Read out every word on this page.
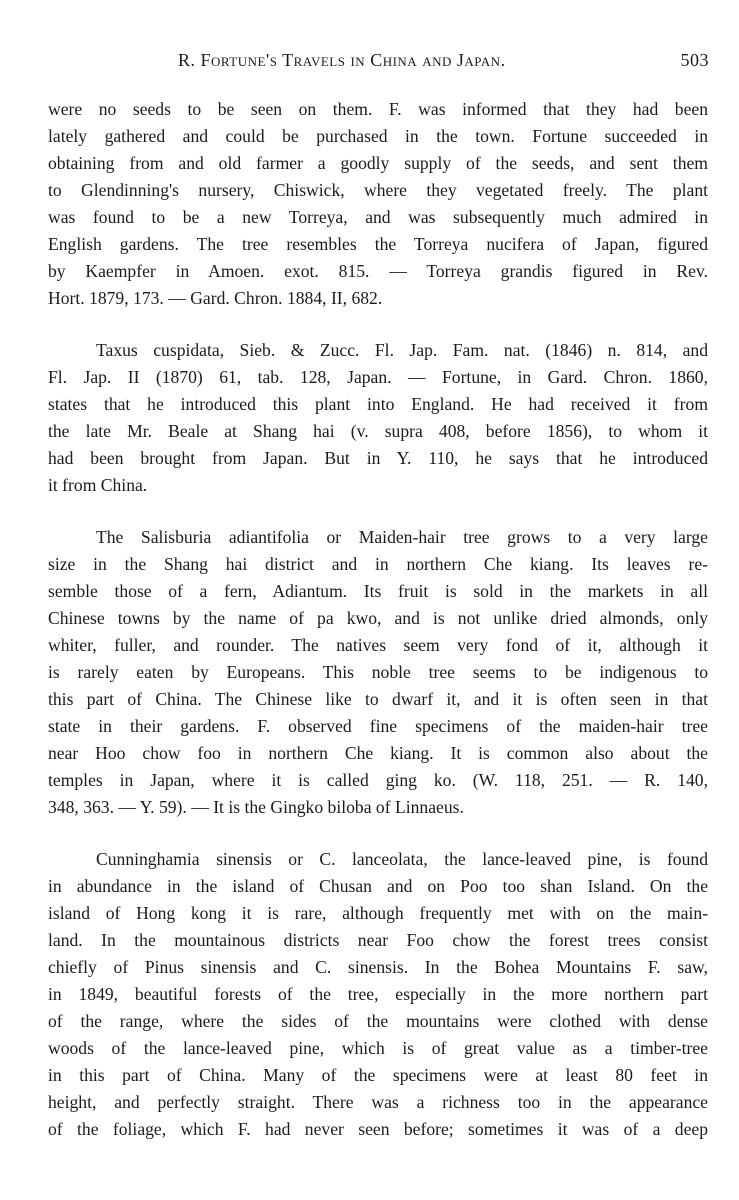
R. Fortune's Travels in China and Japan.	503

were no seeds to be seen on them. F. was informed that they had been
lately gathered and could be purchased in the town. Fortune succeeded in
obtaining from and old farmer a goodly supply of the seeds, and sent them
to Glendinning's nursery, Chiswick, where they vegetated freely. The plant
was found to be a new Torreya, and was subsequently much admired in
English gardens. The tree resembles the Torreya nucifera of Japan, figured
by Kaempfer in Amoen. exot. 815. — Torreya grandis figured in Rev.
Hort. 1879, 173. — Gard. Chron. 1884, II, 682.

Taxus cuspidata, Sieb. & Zucc. Fl. Jap. Fam. nat. (1846) n. 814, and
Fl. Jap. II (1870) 61, tab. 128, Japan. — Fortune, in Gard. Chron. 1860,
states that he introduced this plant into England. He had received it from
the late Mr. Beale at Shang hai (v. supra 408, before 1856), to whom it
had been brought from Japan. But in Y. 110, he says that he introduced
it from China.

The Salisburia adiantifolia or Maiden-hair tree grows to a very large
size in the Shang hai district and in northern Che kiang. Its leaves re-
semble those of a fern, Adiantum. Its fruit is sold in the markets in all
Chinese towns by the name of pa kwo, and is not unlike dried almonds, only
whiter, fuller, and rounder. The natives seem very fond of it, although it
is rarely eaten by Europeans. This noble tree seems to be indigenous to
this part of China. The Chinese like to dwarf it, and it is often seen in that
state in their gardens. F. observed fine specimens of the maiden-hair tree
near Hoo chow foo in northern Che kiang. It is common also about the
temples in Japan, where it is called ging ko. (W. 118, 251. — R. 140,
348, 363. — Y. 59). — It is the Gingko biloba of Linnaeus.

Cunninghamia sinensis or C. lanceolata, the lance-leaved pine, is found
in abundance in the island of Chusan and on Poo too shan Island. On the
island of Hong kong it is rare, although frequently met with on the main-
land. In the mountainous districts near Foo chow the forest trees consist
chiefly of Pinus sinensis and C. sinensis. In the Bohea Mountains F. saw,
in 1849, beautiful forests of the tree, especially in the more northern part
of the range, where the sides of the mountains were clothed with dense
woods of the lance-leaved pine, which is of great value as a timber-tree
in this part of China. Many of the specimens were at least 80 feet in
height, and perfectly straight. There was a richness too in the appearance
of the foliage, which F. had never seen before; sometimes it was of a deep
